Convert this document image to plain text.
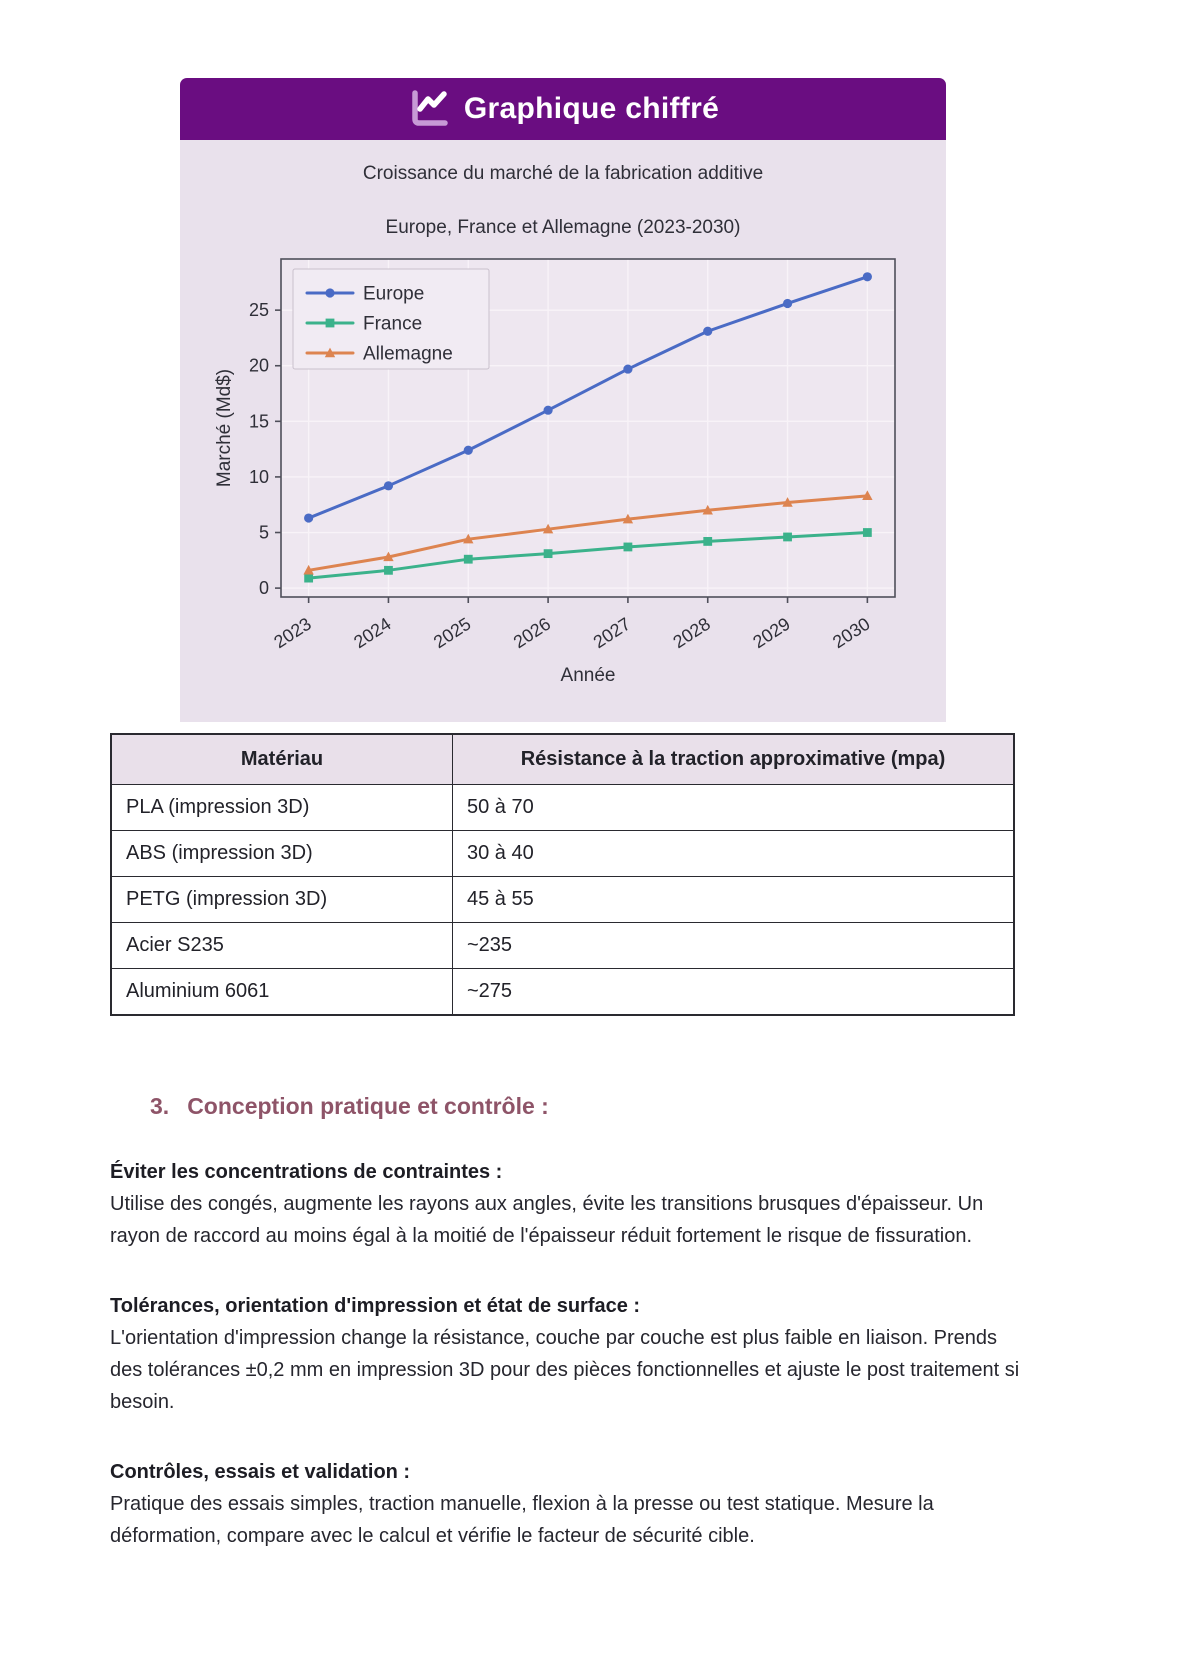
Graphique chiffré
Croissance du marché de la fabrication additive

Europe, France et Allemagne (2023-2030)
0
5
10
15
20
25
2023 2024 2025 2026 2027 2028 2029 2030
Année
Marché (Md$)
Europe
France
Allemagne
Matériau	Résistance à la traction approximative (mpa)
PLA (impression 3D)	50 à 70
ABS (impression 3D)	30 à 40
PETG (impression 3D)	45 à 55
Acier S235	~235
Aluminium 6061	~275
3. Conception pratique et contrôle :
Éviter les concentrations de contraintes :
Utilise des congés, augmente les rayons aux angles, évite les transitions brusques d'épaisseur. Un rayon de raccord au moins égal à la moitié de l'épaisseur réduit fortement le risque de fissuration.
Tolérances, orientation d'impression et état de surface :
L'orientation d'impression change la résistance, couche par couche est plus faible en liaison. Prends des tolérances ±0,2 mm en impression 3D pour des pièces fonctionnelles et ajuste le post traitement si besoin.
Contrôles, essais et validation :
Pratique des essais simples, traction manuelle, flexion à la presse ou test statique. Mesure la déformation, compare avec le calcul et vérifie le facteur de sécurité cible.
